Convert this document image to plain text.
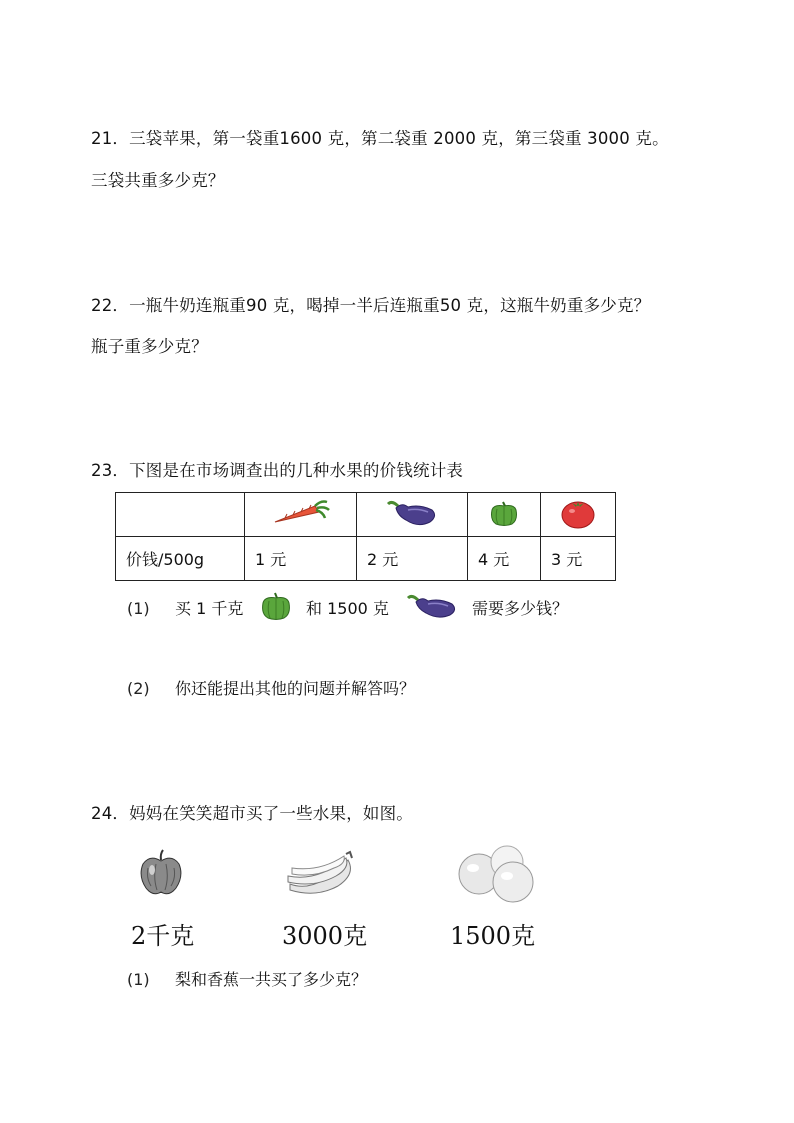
21．三袋苹果，第一袋重1600 克，第二袋重 2000 克，第三袋重 3000 克。
三袋共重多少克？
22．一瓶牛奶连瓶重90 克，喝掉一半后连瓶重50 克，这瓶牛奶重多少克？
瓶子重多少克？
23．下图是在市场调查出的几种水果的价钱统计表

价钱/500g	1 元	2 元	4 元	3 元
(1) 买 1 千克	和 1500 克	需要多少钱？
(2) 你还能提出其他的问题并解答吗？
24．妈妈在笑笑超市买了一些水果，如图。
2千克	3000克	1500克
(1) 梨和香蕉一共买了多少克？
